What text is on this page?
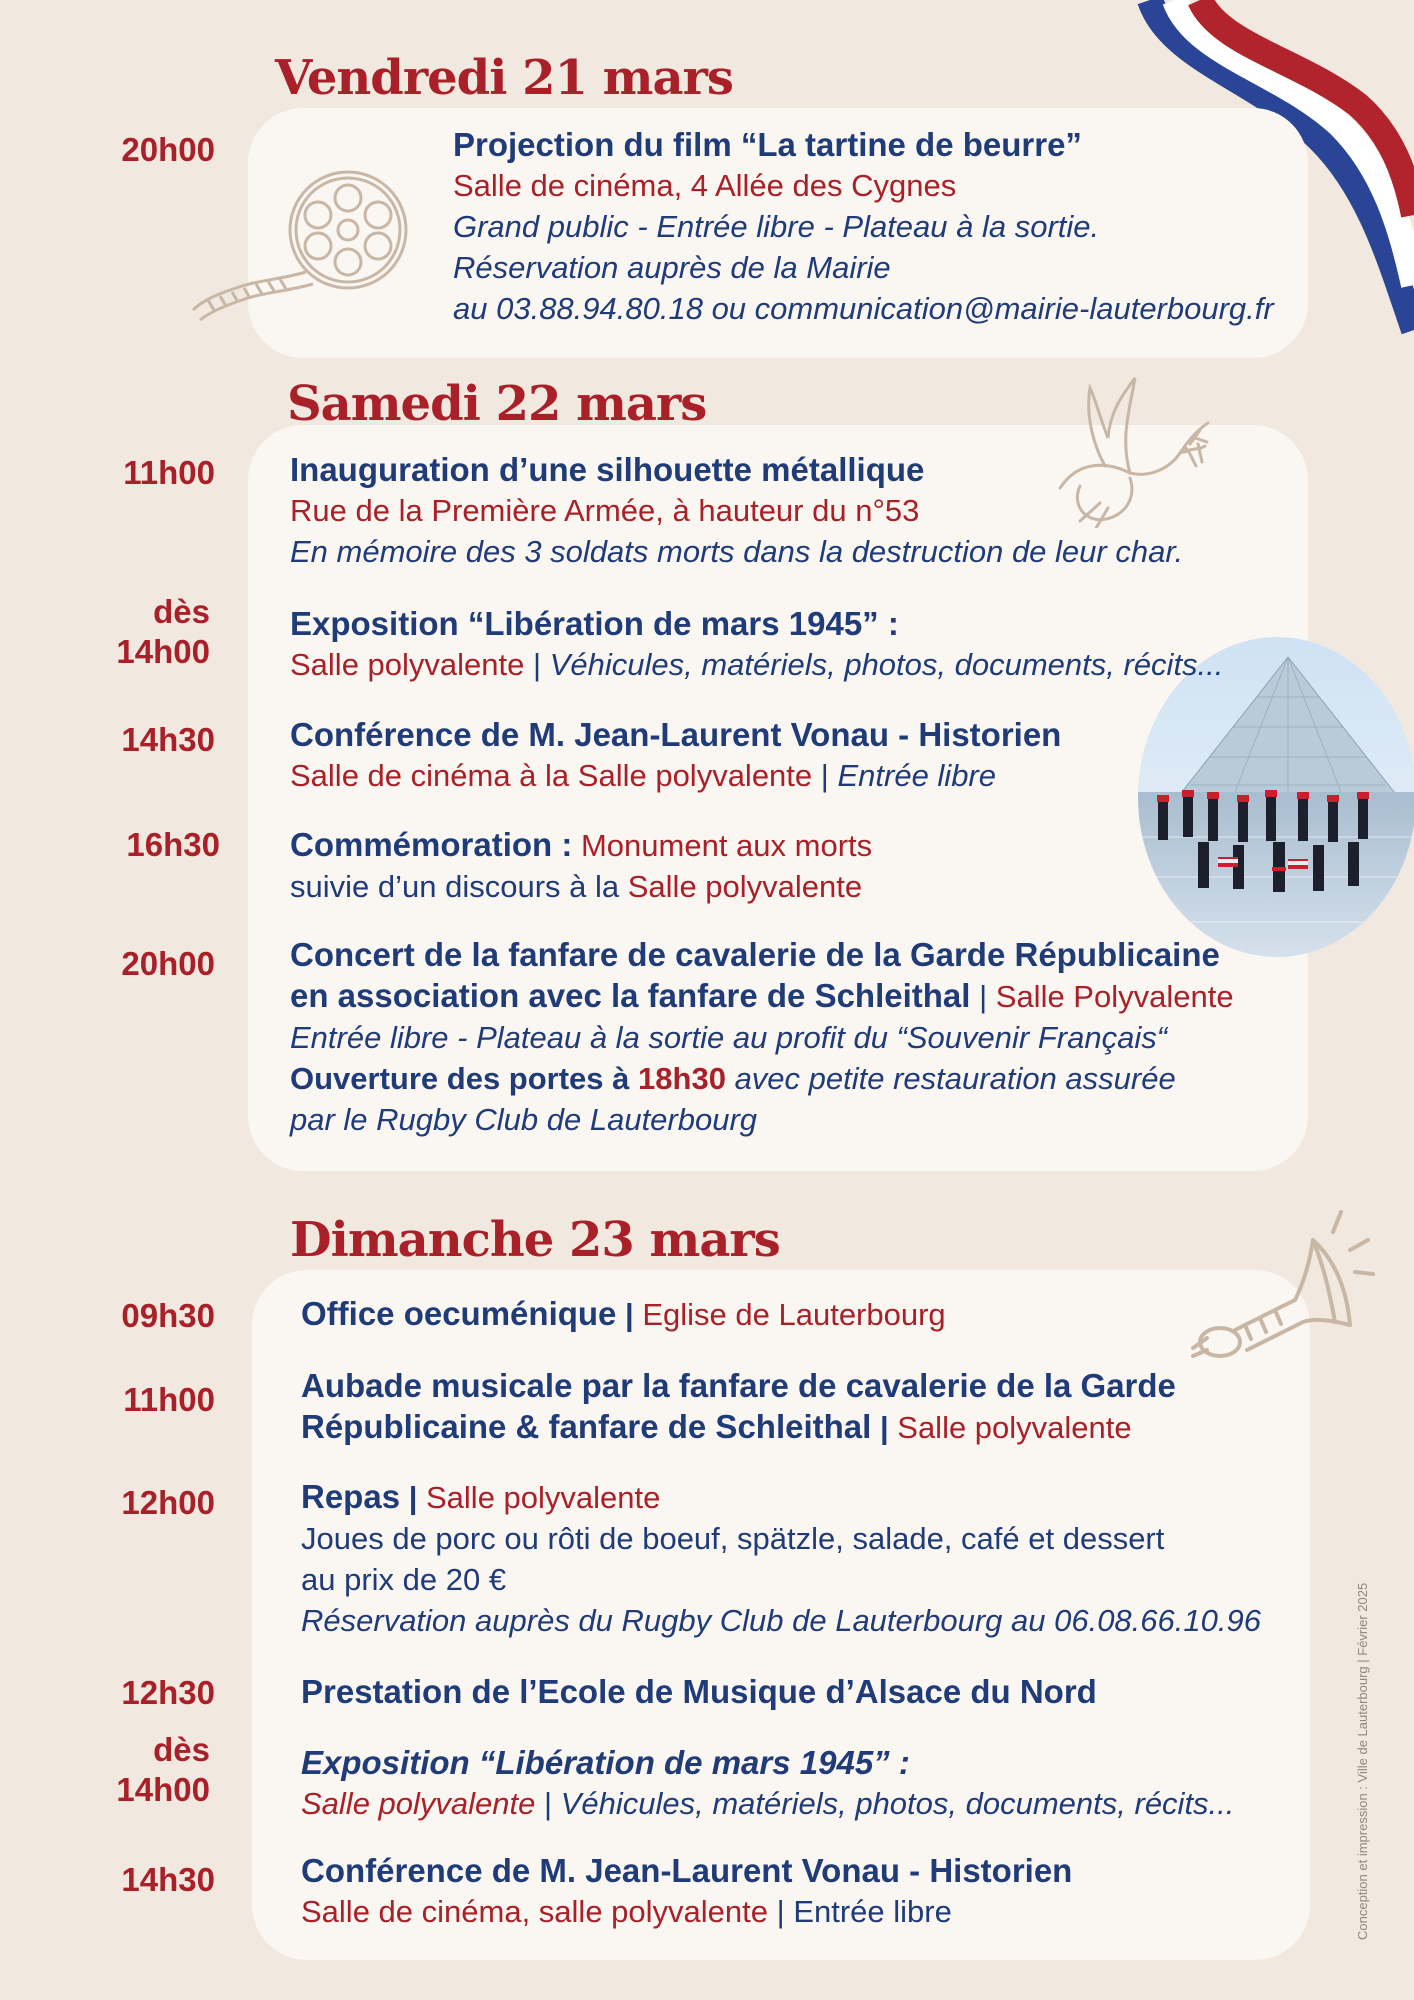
Vendredi 21 mars
20h00	Projection du film “La tartine de beurre”
Salle de cinéma, 4 Allée des Cygnes
Grand public - Entrée libre - Plateau à la sortie.
Réservation auprès de la Mairie
au 03.88.94.80.18 ou communication@mairie-lauterbourg.fr
Samedi 22 mars
11h00 Inauguration d’une silhouette métallique
Rue de la Première Armée, à hauteur du n°53
En mémoire des 3 soldats morts dans la destruction de leur char.
dès
14h00
Exposition “Libération de mars 1945” :
Salle polyvalente | Véhicules, matériels, photos, documents, récits...
14h30 Conférence de M. Jean-Laurent Vonau - Historien
Salle de cinéma à la Salle polyvalente | Entrée libre
16h30 Commémoration : Monument aux morts
suivie d’un discours à la Salle polyvalente
20h00 Concert de la fanfare de cavalerie de la Garde Républicaine
en association avec la fanfare de Schleithal | Salle Polyvalente
Entrée libre - Plateau à la sortie au profit du “Souvenir Français“
Ouverture des portes à 18h30 avec petite restauration assurée
par le Rugby Club de Lauterbourg
Dimanche 23 mars
09h30	Office oecuménique | Eglise de Lauterbourg
11h00	Aubade musicale par la fanfare de cavalerie de la Garde
Républicaine & fanfare de Schleithal | Salle polyvalente
12h00	Repas | Salle polyvalente
Joues de porc ou rôti de boeuf, spätzle, salade, café et dessert
au prix de 20 €
Réservation auprès du Rugby Club de Lauterbourg au 06.08.66.10.96
12h30	Prestation de l’Ecole de Musique d’Alsace du Nord
dès
14h00
Exposition “Libération de mars 1945” :
Salle polyvalente | Véhicules, matériels, photos, documents, récits...
14h30	Conférence de M. Jean-Laurent Vonau - Historien
Salle de cinéma, salle polyvalente | Entrée libre	Conception et impression : Ville de Lauterbourg | Février 2025
